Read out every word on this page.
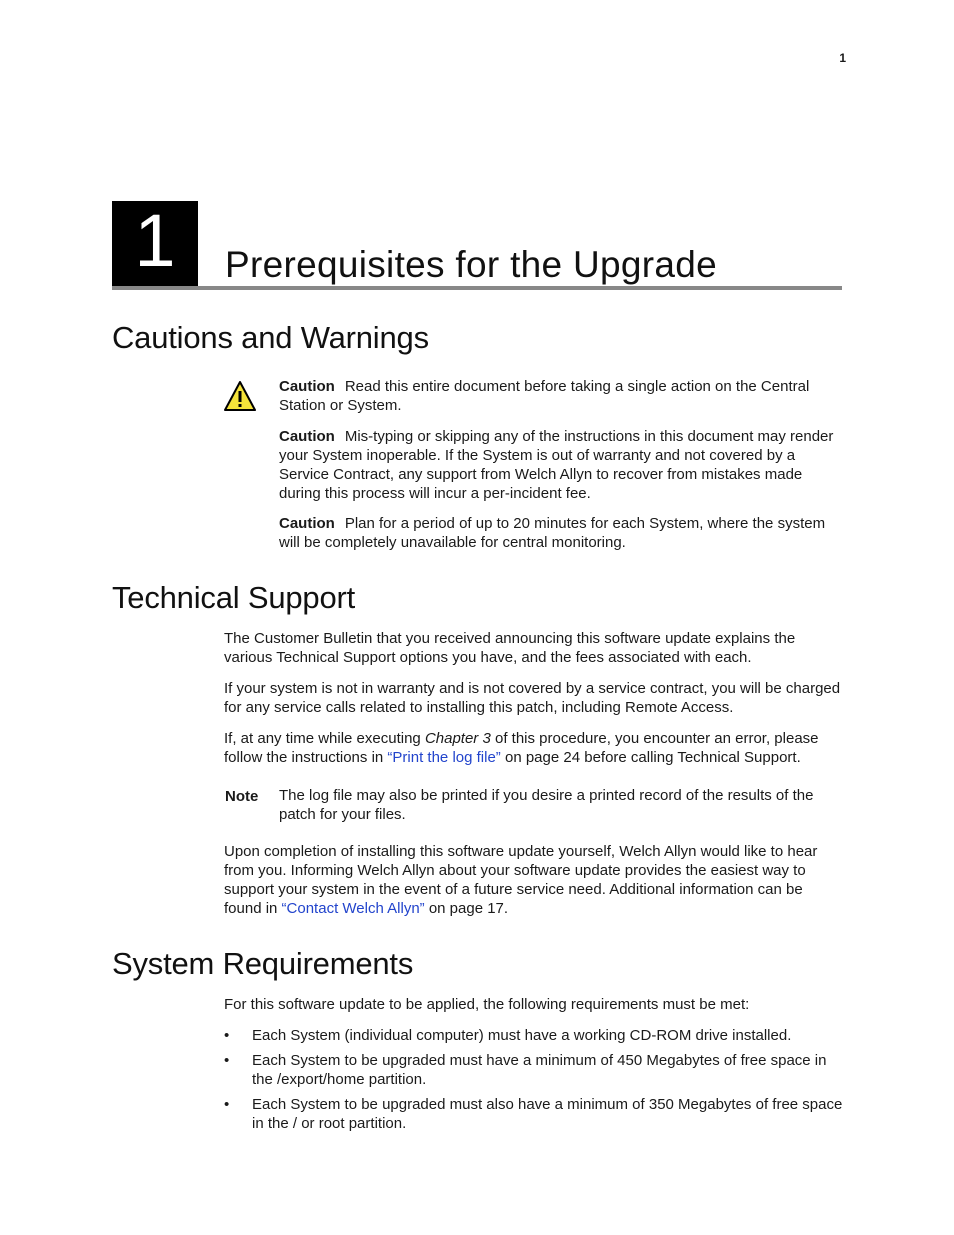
1
1	Prerequisites for the Upgrade
Cautions and Warnings

Caution Read this entire document before taking a single action on the Central Station or System.

Caution Mis-typing or skipping any of the instructions in this document may render your System inoperable. If the System is out of warranty and not covered by a Service Contract, any support from Welch Allyn to recover from mistakes made during this process will incur a per-incident fee.

Caution Plan for a period of up to 20 minutes for each System, where the system will be completely unavailable for central monitoring.

Technical Support

The Customer Bulletin that you received announcing this software update explains the various Technical Support options you have, and the fees associated with each.

If your system is not in warranty and is not covered by a service contract, you will be charged for any service calls related to installing this patch, including Remote Access.

If, at any time while executing Chapter 3 of this procedure, you encounter an error, please follow the instructions in “Print the log file” on page 24 before calling Technical Support.

Note The log file may also be printed if you desire a printed record of the results of the patch for your files.

Upon completion of installing this software update yourself, Welch Allyn would like to hear from you. Informing Welch Allyn about your software update provides the easiest way to support your system in the event of a future service need. Additional information can be found in “Contact Welch Allyn” on page 17.

System Requirements

For this software update to be applied, the following requirements must be met:

• Each System (individual computer) must have a working CD-ROM drive installed.

• Each System to be upgraded must have a minimum of 450 Megabytes of free space in the /export/home partition.

• Each System to be upgraded must also have a minimum of 350 Megabytes of free space in the / or root partition.
